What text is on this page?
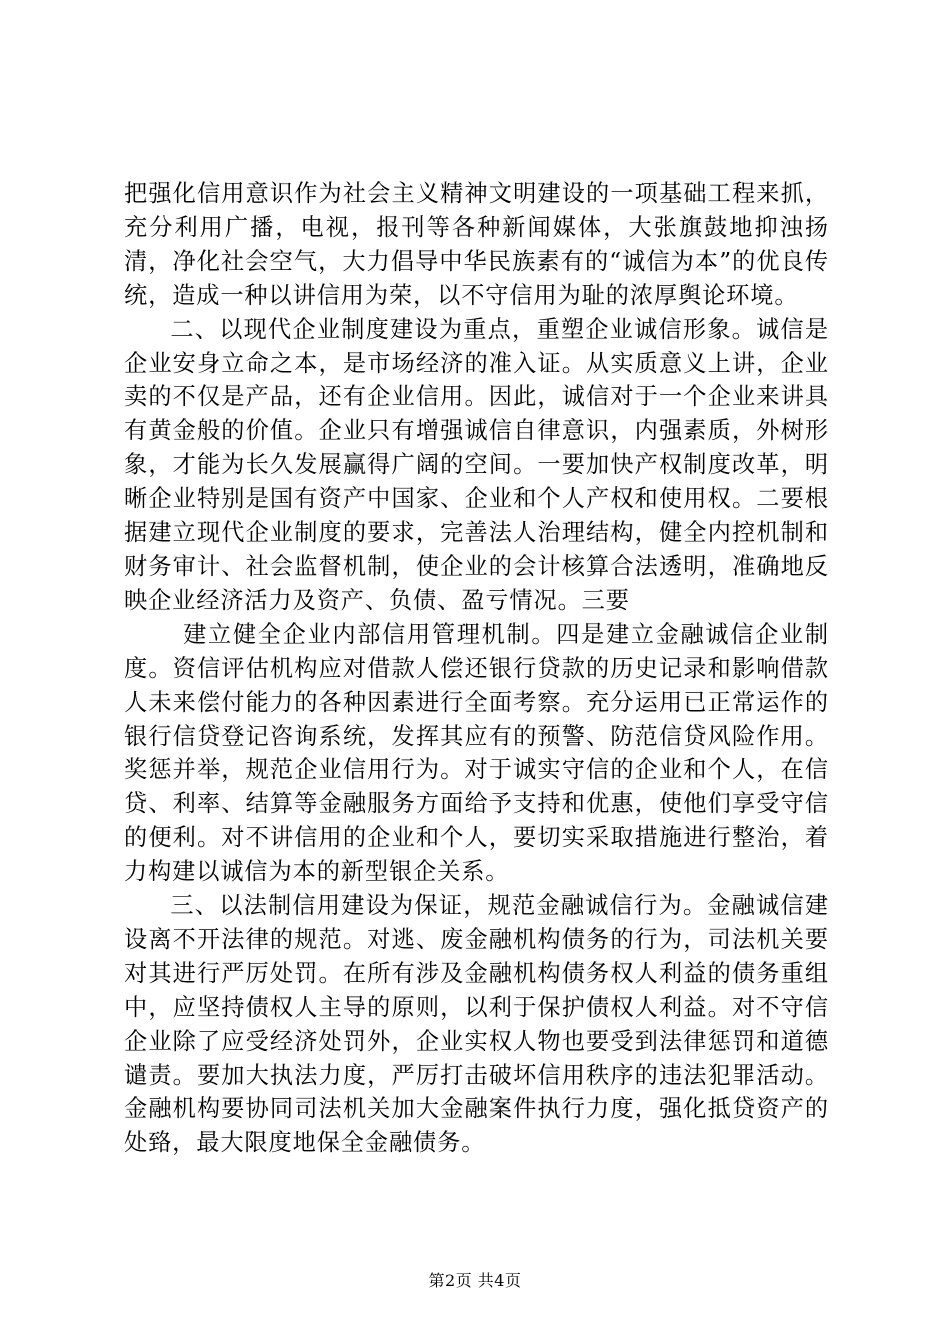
把强化信用意识作为社会主义精神文明建设的一项基础工程来抓，充分利用广播，电视，报刊等各种新闻媒体，大张旗鼓地抑浊扬清，净化社会空气，大力倡导中华民族素有的“诚信为本”的优良传统，造成一种以讲信用为荣，以不守信用为耻的浓厚舆论环境。

二、以现代企业制度建设为重点，重塑企业诚信形象。诚信是企业安身立命之本，是市场经济的准入证。从实质意义上讲，企业卖的不仅是产品，还有企业信用。因此，诚信对于一个企业来讲具有黄金般的价值。企业只有增强诚信自律意识，内强素质，外树形象，才能为长久发展赢得广阔的空间。一要加快产权制度改革，明晰企业特别是国有资产中国家、企业和个人产权和使用权。二要根据建立现代企业制度的要求，完善法人治理结构，健全内控机制和财务审计、社会监督机制，使企业的会计核算合法透明，准确地反映企业经济活力及资产、负债、盈亏情况。三要

建立健全企业内部信用管理机制。四是建立金融诚信企业制度。资信评估机构应对借款人偿还银行贷款的历史记录和影响借款人未来偿付能力的各种因素进行全面考察。充分运用已正常运作的银行信贷登记咨询系统，发挥其应有的预警、防范信贷风险作用。奖惩并举，规范企业信用行为。对于诚实守信的企业和个人，在信贷、利率、结算等金融服务方面给予支持和优惠，使他们享受守信的便利。对不讲信用的企业和个人，要切实采取措施进行整治，着力构建以诚信为本的新型银企关系。

三、以法制信用建设为保证，规范金融诚信行为。金融诚信建设离不开法律的规范。对逃、废金融机构债务的行为，司法机关要对其进行严厉处罚。在所有涉及金融机构债务权人利益的债务重组中，应坚持债权人主导的原则，以利于保护债权人利益。对不守信企业除了应受经济处罚外，企业实权人物也要受到法律惩罚和道德谴责。要加大执法力度，严厉打击破坏信用秩序的违法犯罪活动。金融机构要协同司法机关加大金融案件执行力度，强化抵贷资产的处臵，最大限度地保全金融债务。

第2页 共4页
